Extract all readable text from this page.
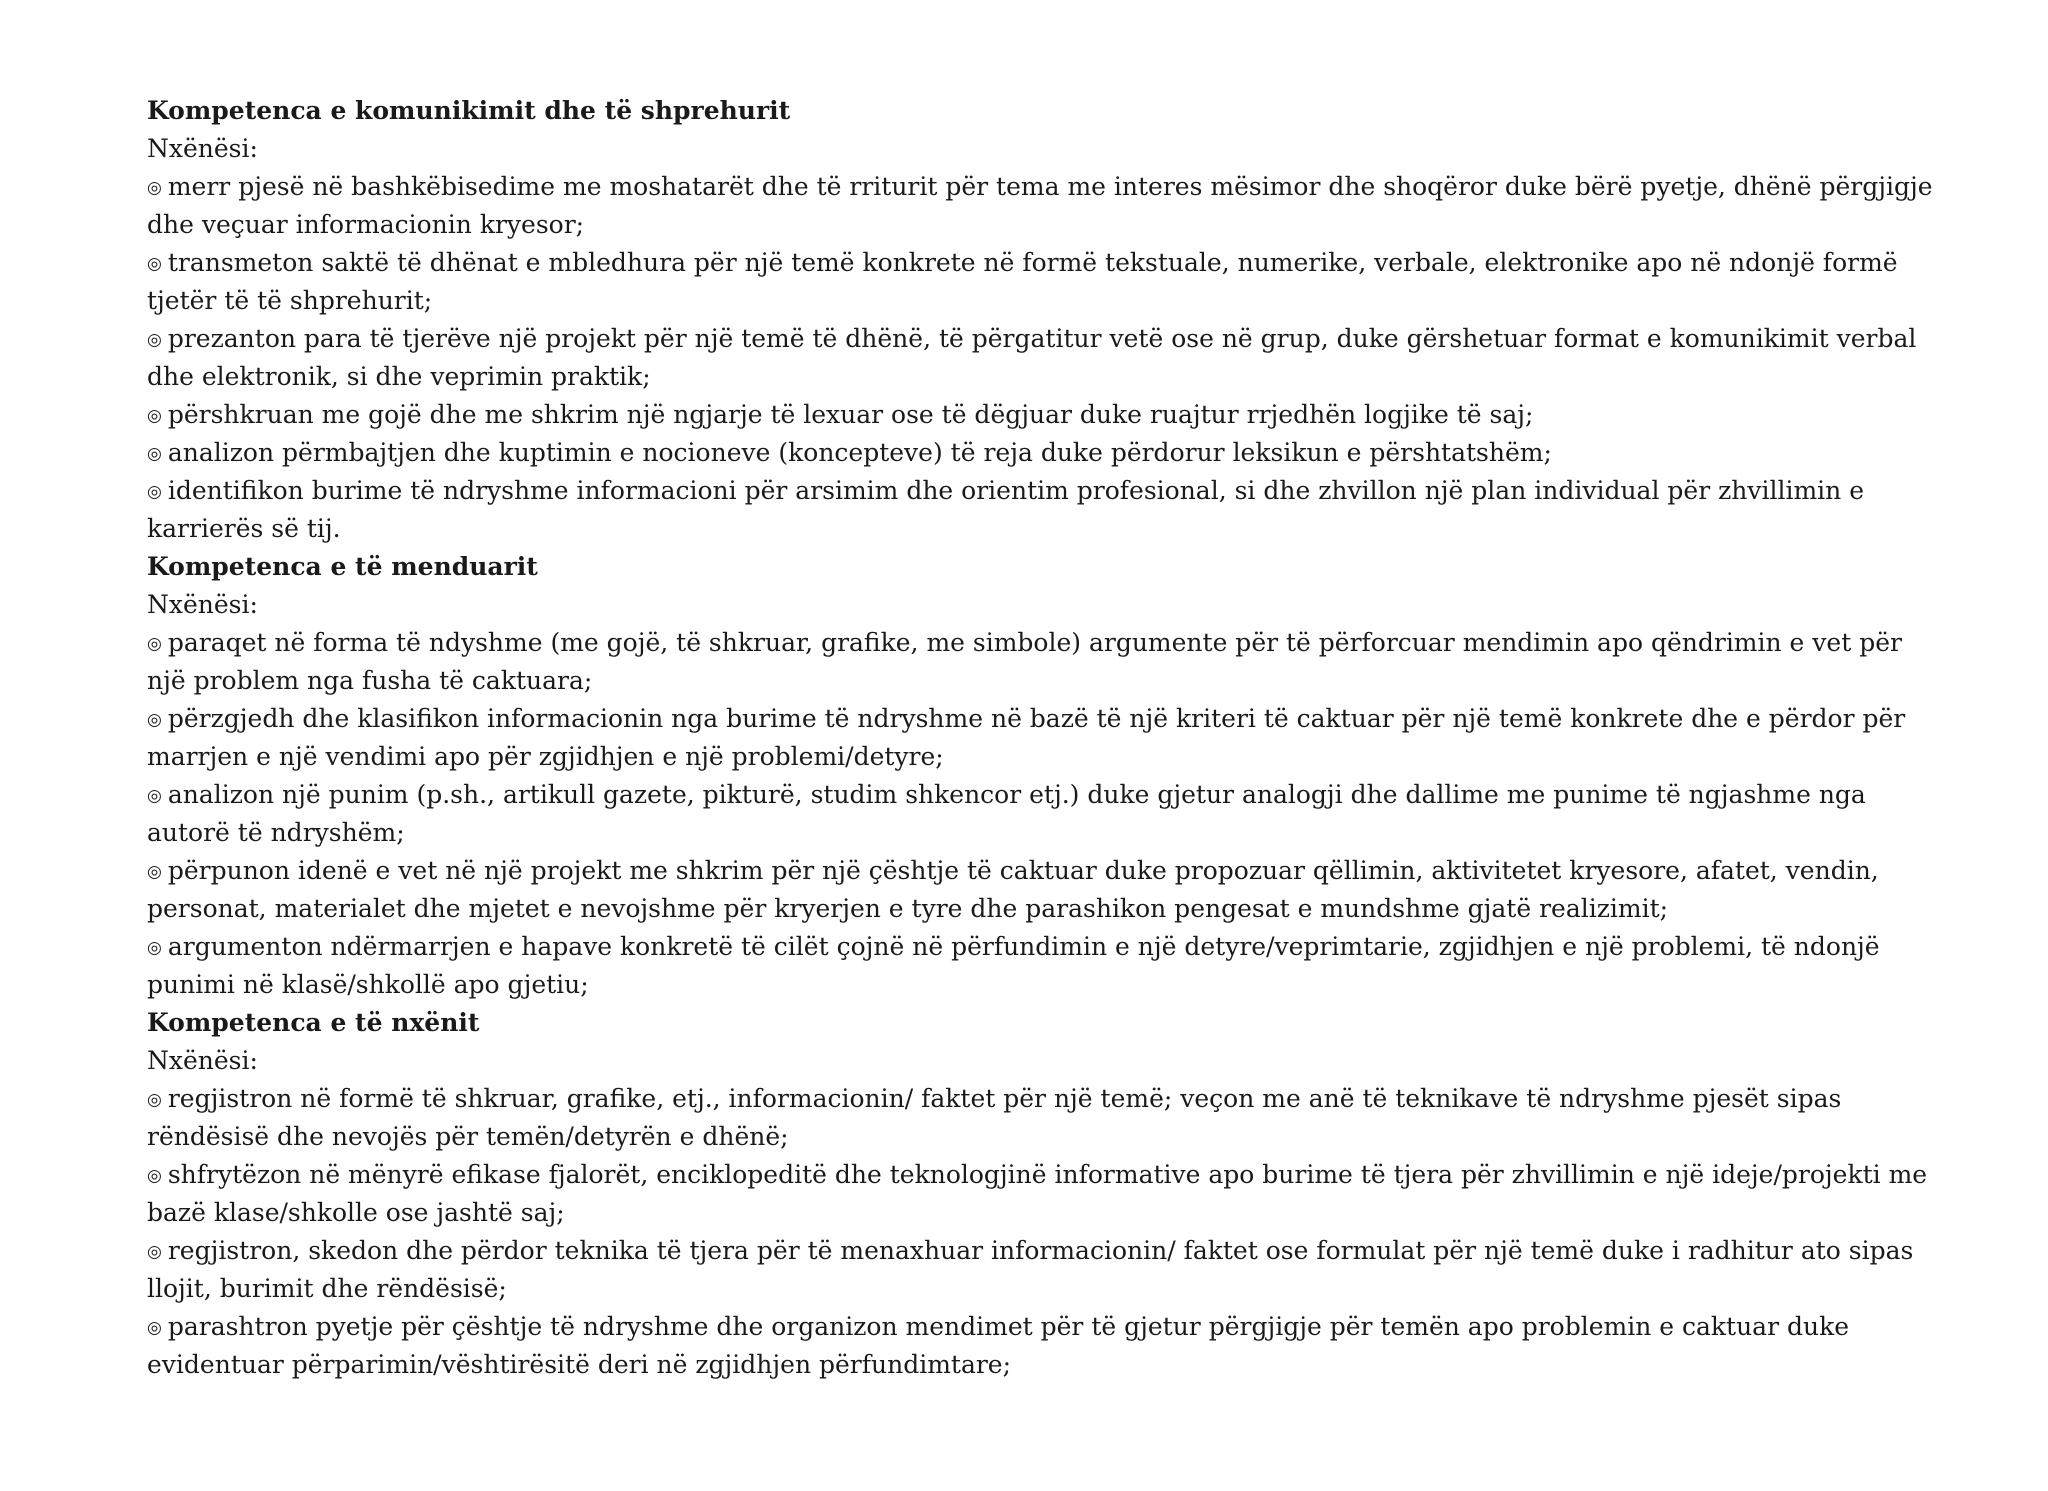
Kompetenca e komunikimit dhe të shprehurit
Nxënësi:
◎ merr pjesë në bashkëbisedime me moshatarët dhe të rriturit për tema me interes mësimor dhe shoqëror duke bërë pyetje, dhënë përgjigje dhe veçuar informacionin kryesor;
◎ transmeton saktë të dhënat e mbledhura për një temë konkrete në formë tekstuale, numerike, verbale, elektronike apo në ndonjë formë tjetër të të shprehurit;
◎ prezanton para të tjerëve një projekt për një temë të dhënë, të përgatitur vetë ose në grup, duke gërshetuar format e komunikimit verbal dhe elektronik, si dhe veprimin praktik;
◎ përshkruan me gojë dhe me shkrim një ngjarje të lexuar ose të dëgjuar duke ruajtur rrjedhën logjike të saj;
◎ analizon përmbajtjen dhe kuptimin e nocioneve (koncepteve) të reja duke përdorur leksikun e përshtatshëm;
◎ identifikon burime të ndryshme informacioni për arsimim dhe orientim profesional, si dhe zhvillon një plan individual për zhvillimin e karrierës së tij.
Kompetenca e të menduarit
Nxënësi:
◎ paraqet në forma të ndyshme (me gojë, të shkruar, grafike, me simbole) argumente për të përforcuar mendimin apo qëndrimin e vet për një problem nga fusha të caktuara;
◎ përzgjedh dhe klasifikon informacionin nga burime të ndryshme në bazë të një kriteri të caktuar për një temë konkrete dhe e përdor për marrjen e një vendimi apo për zgjidhjen e një problemi/detyre;
◎ analizon një punim (p.sh., artikull gazete, pikturë, studim shkencor etj.) duke gjetur analogji dhe dallime me punime të ngjashme nga autorë të ndryshëm;
◎ përpunon idenë e vet në një projekt me shkrim për një çështje të caktuar duke propozuar qëllimin, aktivitetet kryesore, afatet, vendin, personat, materialet dhe mjetet e nevojshme për kryerjen e tyre dhe parashikon pengesat e mundshme gjatë realizimit;
◎ argumenton ndërmarrjen e hapave konkretë të cilët çojnë në përfundimin e një detyre/veprimtarie, zgjidhjen e një problemi, të ndonjë punimi në klasë/shkollë apo gjetiu;
Kompetenca e të nxënit
Nxënësi:
◎ regjistron në formë të shkruar, grafike, etj., informacionin/ faktet për një temë; veçon me anë të teknikave të ndryshme pjesët sipas rëndësisë dhe nevojës për temën/detyrën e dhënë;
◎ shfrytëzon në mënyrë efikase fjalorët, enciklopeditë dhe teknologjinë informative apo burime të tjera për zhvillimin e një ideje/projekti me bazë klase/shkolle ose jashtë saj;
◎ regjistron, skedon dhe përdor teknika të tjera për të menaxhuar informacionin/ faktet ose formulat për një temë duke i radhitur ato sipas llojit, burimit dhe rëndësisë;
◎ parashtron pyetje për çështje të ndryshme dhe organizon mendimet për të gjetur përgjigje për temën apo problemin e caktuar duke evidentuar përparimin/vështirësitë deri në zgjidhjen përfundimtare;
